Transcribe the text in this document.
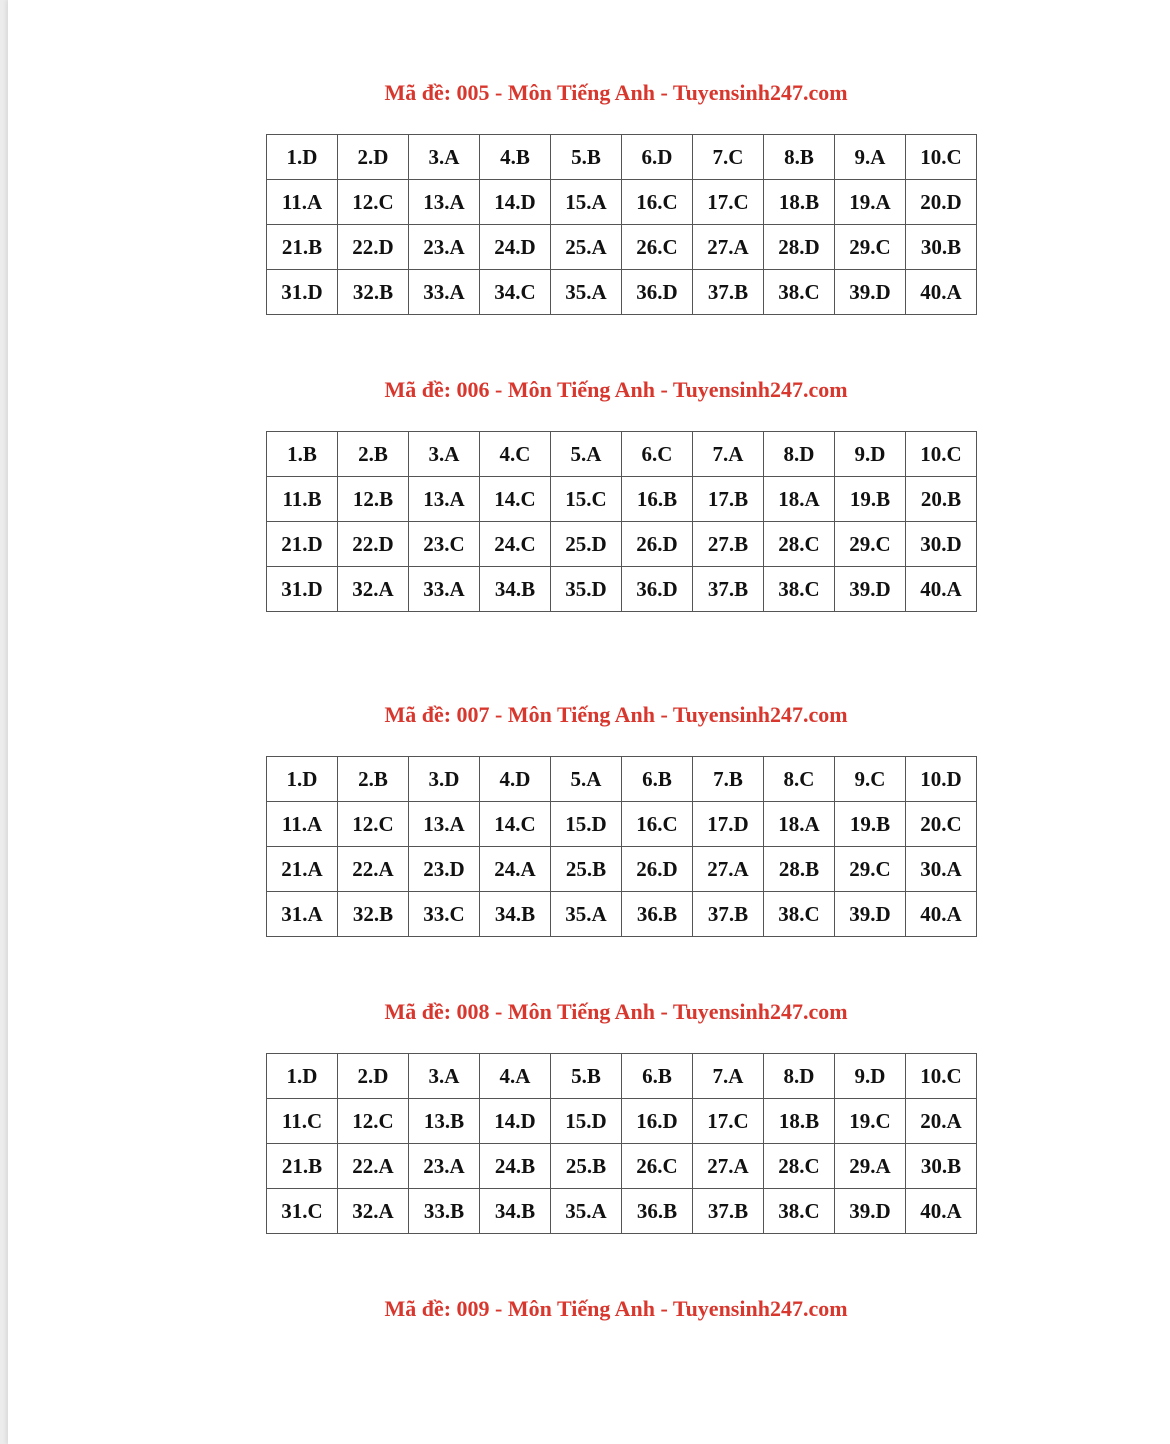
Mã đề: 005 - Môn Tiếng Anh - Tuyensinh247.com
1.D	2.D	3.A	4.B	5.B	6.D	7.C	8.B	9.A	10.C
11.A	12.C	13.A	14.D	15.A	16.C	17.C	18.B	19.A	20.D
21.B	22.D	23.A	24.D	25.A	26.C	27.A	28.D	29.C	30.B
31.D	32.B	33.A	34.C	35.A	36.D	37.B	38.C	39.D	40.A
Mã đề: 006 - Môn Tiếng Anh - Tuyensinh247.com
1.B	2.B	3.A	4.C	5.A	6.C	7.A	8.D	9.D	10.C
11.B	12.B	13.A	14.C	15.C	16.B	17.B	18.A	19.B	20.B
21.D	22.D	23.C	24.C	25.D	26.D	27.B	28.C	29.C	30.D
31.D	32.A	33.A	34.B	35.D	36.D	37.B	38.C	39.D	40.A
Mã đề: 007 - Môn Tiếng Anh - Tuyensinh247.com
1.D	2.B	3.D	4.D	5.A	6.B	7.B	8.C	9.C	10.D
11.A	12.C	13.A	14.C	15.D	16.C	17.D	18.A	19.B	20.C
21.A	22.A	23.D	24.A	25.B	26.D	27.A	28.B	29.C	30.A
31.A	32.B	33.C	34.B	35.A	36.B	37.B	38.C	39.D	40.A
Mã đề: 008 - Môn Tiếng Anh - Tuyensinh247.com
1.D	2.D	3.A	4.A	5.B	6.B	7.A	8.D	9.D	10.C
11.C	12.C	13.B	14.D	15.D	16.D	17.C	18.B	19.C	20.A
21.B	22.A	23.A	24.B	25.B	26.C	27.A	28.C	29.A	30.B
31.C	32.A	33.B	34.B	35.A	36.B	37.B	38.C	39.D	40.A
Mã đề: 009 - Môn Tiếng Anh - Tuyensinh247.com
